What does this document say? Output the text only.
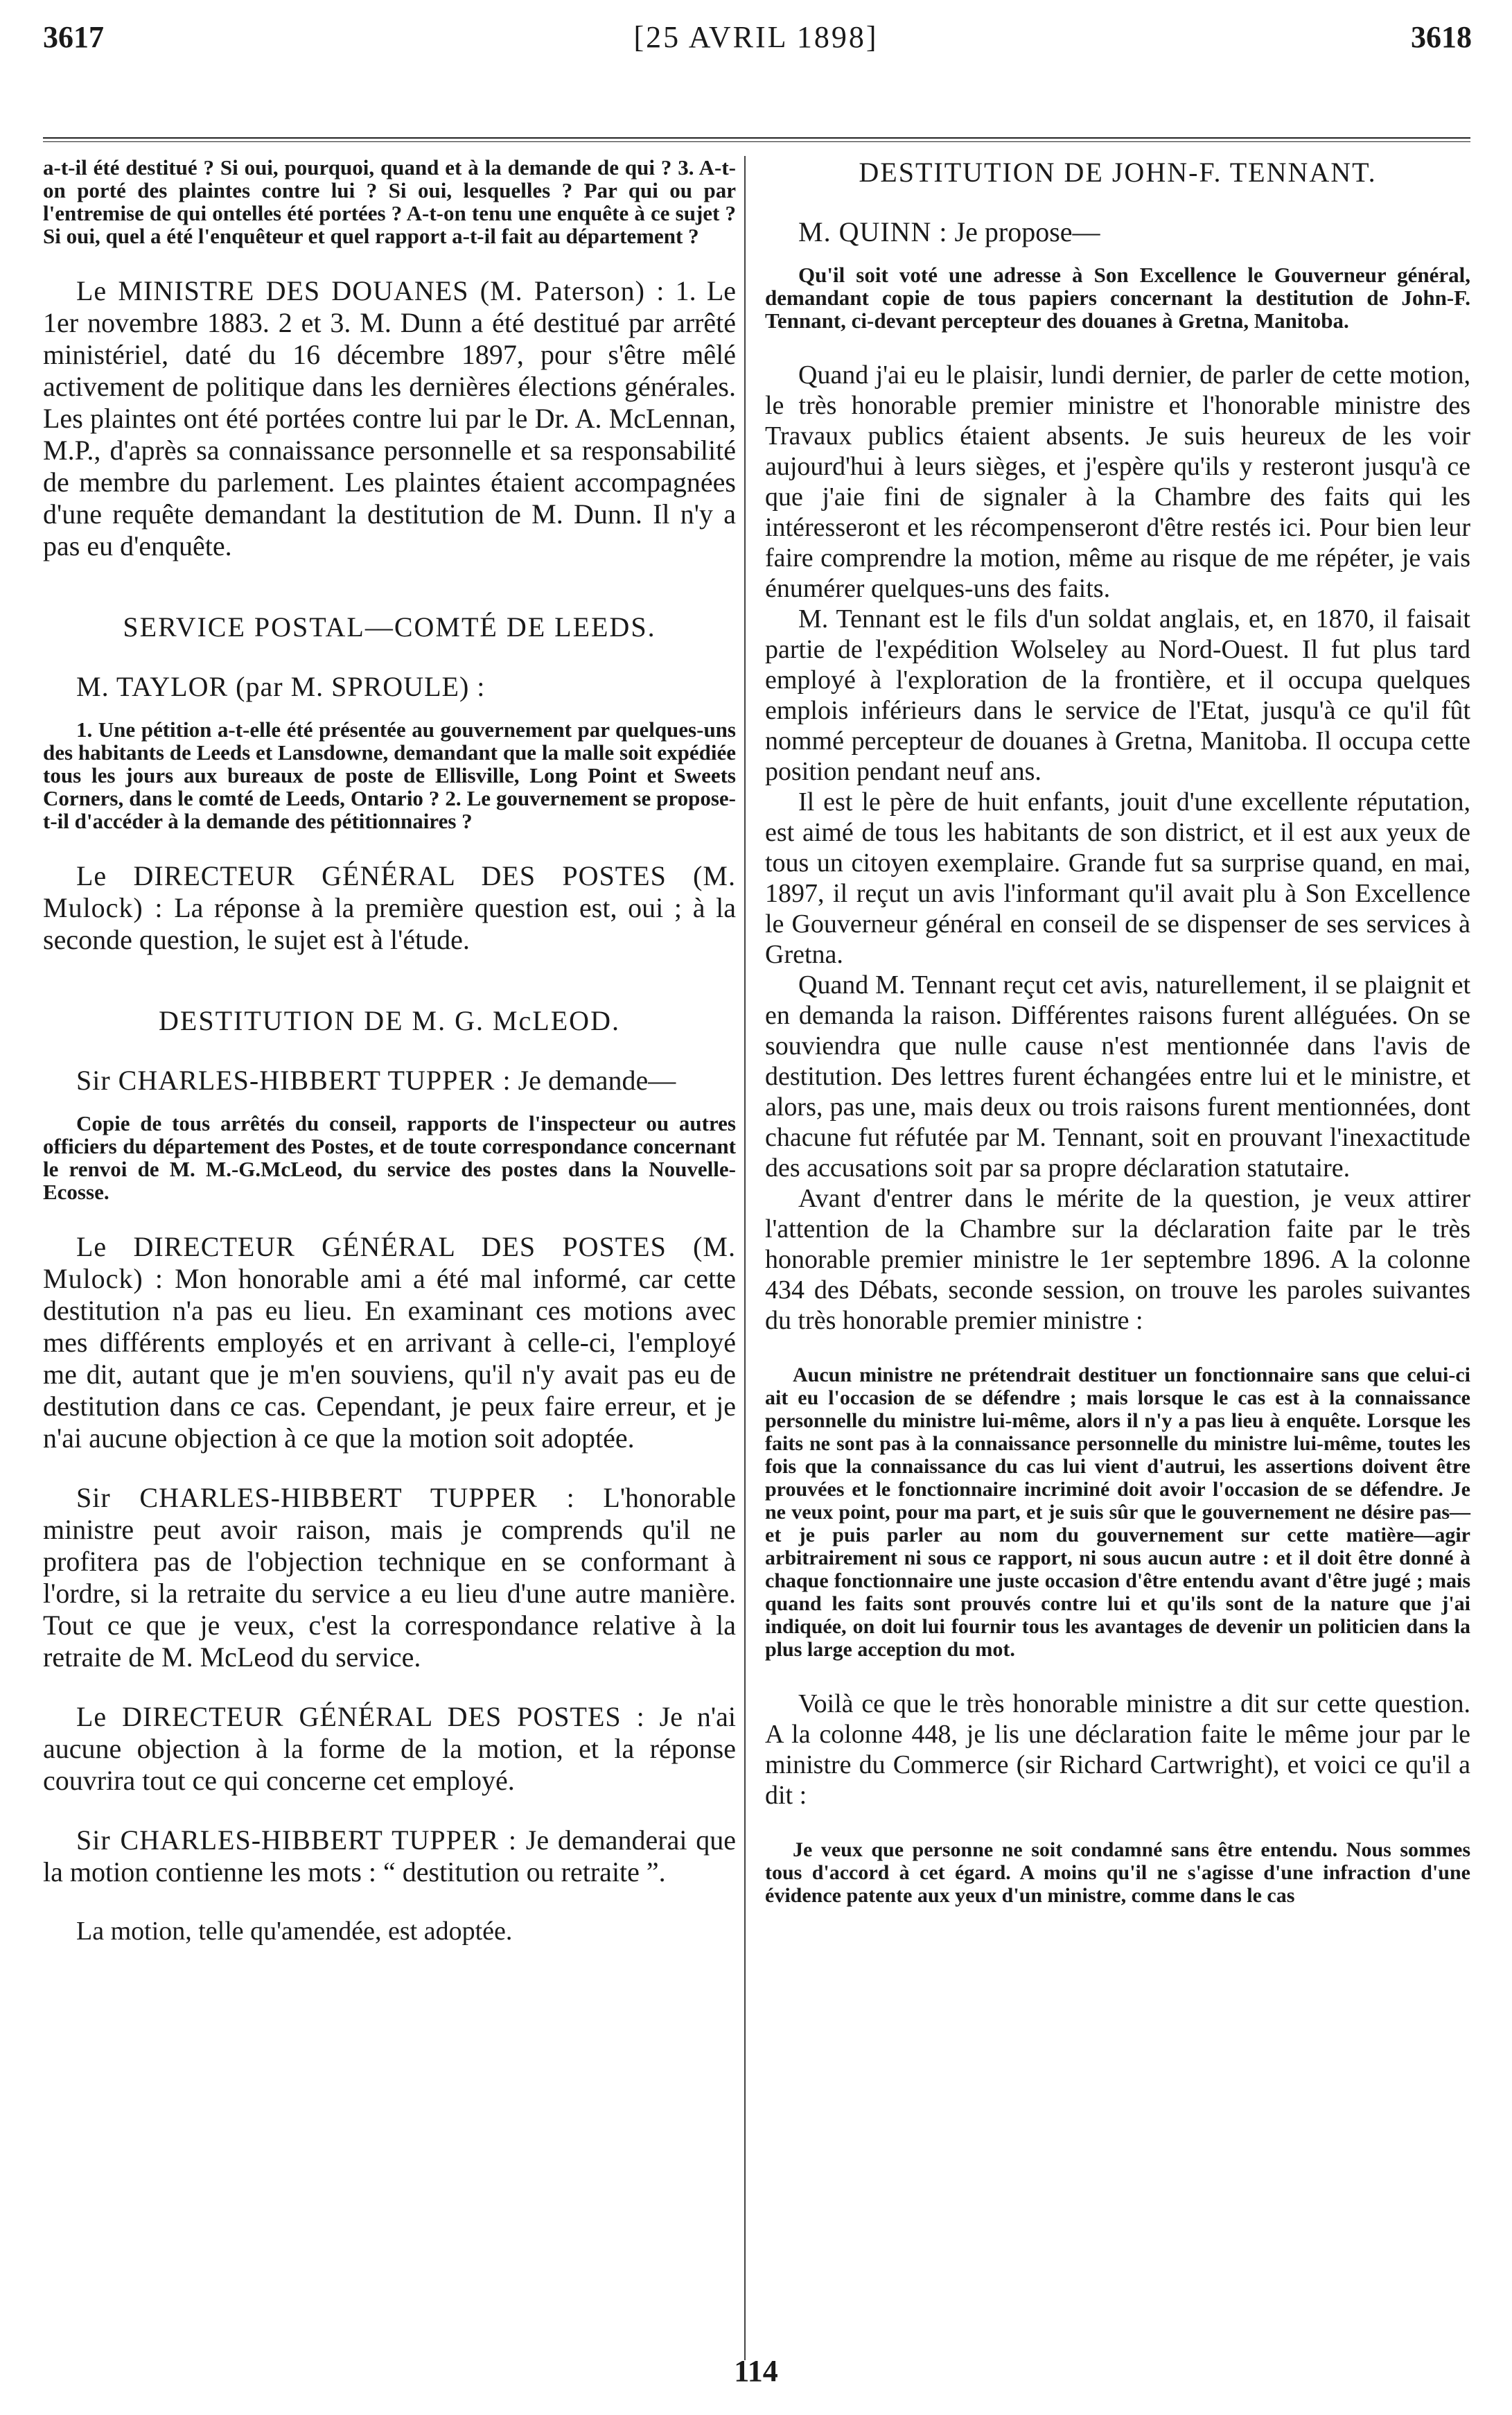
3617	[25 AVRIL 1898]	3618

a-t-il été destitué ? Si oui, pourquoi, quand et à la demande de qui ? 3. A-t-on porté des plaintes contre lui ? Si oui, lesquelles ? Par qui ou par l'entremise de qui ontelles été portées ? A-t-on tenu une enquête à ce sujet ? Si oui, quel a été l'enquêteur et quel rapport a-t-il fait au département ?

Le MINISTRE DES DOUANES (M. Paterson) : 1. Le 1er novembre 1883. 2 et 3. M. Dunn a été destitué par arrêté ministériel, daté du 16 décembre 1897, pour s'être mêlé activement de politique dans les dernières élections générales. Les plaintes ont été portées contre lui par le Dr. A. McLennan, M.P., d'après sa connaissance personnelle et sa responsabilité de membre du parlement. Les plaintes étaient accompagnées d'une requête demandant la destitution de M. Dunn. Il n'y a pas eu d'enquête.

SERVICE POSTAL—COMTÉ DE LEEDS.

M. TAYLOR (par M. SPROULE) :

1. Une pétition a-t-elle été présentée au gouvernement par quelques-uns des habitants de Leeds et Lansdowne, demandant que la malle soit expédiée tous les jours aux bureaux de poste de Ellisville, Long Point et Sweets Corners, dans le comté de Leeds, Ontario ? 2. Le gouvernement se propose-t-il d'accéder à la demande des pétitionnaires ?

Le DIRECTEUR GÉNÉRAL DES POSTES (M. Mulock) : La réponse à la première question est, oui ; à la seconde question, le sujet est à l'étude.

DESTITUTION DE M. G. McLEOD.

Sir CHARLES-HIBBERT TUPPER : Je demande—

Copie de tous arrêtés du conseil, rapports de l'inspecteur ou autres officiers du département des Postes, et de toute correspondance concernant le renvoi de M. M.-G.McLeod, du service des postes dans la Nouvelle-Ecosse.

Le DIRECTEUR GÉNÉRAL DES POSTES (M. Mulock) : Mon honorable ami a été mal informé, car cette destitution n'a pas eu lieu. En examinant ces motions avec mes différents employés et en arrivant à celle-ci, l'employé me dit, autant que je m'en souviens, qu'il n'y avait pas eu de destitution dans ce cas. Cependant, je peux faire erreur, et je n'ai aucune objection à ce que la motion soit adoptée.

Sir CHARLES-HIBBERT TUPPER : L'honorable ministre peut avoir raison, mais je comprends qu'il ne profitera pas de l'objection technique en se conformant à l'ordre, si la retraite du service a eu lieu d'une autre manière. Tout ce que je veux, c'est la correspondance relative à la retraite de M. McLeod du service.

Le DIRECTEUR GÉNÉRAL DES POSTES : Je n'ai aucune objection à la forme de la motion, et la réponse couvrira tout ce qui concerne cet employé.

Sir CHARLES-HIBBERT TUPPER : Je demanderai que la motion contienne les mots : “ destitution ou retraite ”.

La motion, telle qu'amendée, est adoptée.

DESTITUTION DE JOHN-F. TENNANT.

M. QUINN : Je propose—

Qu'il soit voté une adresse à Son Excellence le Gouverneur général, demandant copie de tous papiers concernant la destitution de John-F. Tennant, ci-devant percepteur des douanes à Gretna, Manitoba.

Quand j'ai eu le plaisir, lundi dernier, de parler de cette motion, le très honorable premier ministre et l'honorable ministre des Travaux publics étaient absents. Je suis heureux de les voir aujourd'hui à leurs sièges, et j'espère qu'ils y resteront jusqu'à ce que j'aie fini de signaler à la Chambre des faits qui les intéresseront et les récompenseront d'être restés ici. Pour bien leur faire comprendre la motion, même au risque de me répéter, je vais énumérer quelques-uns des faits.

M. Tennant est le fils d'un soldat anglais, et, en 1870, il faisait partie de l'expédition Wolseley au Nord-Ouest. Il fut plus tard employé à l'exploration de la frontière, et il occupa quelques emplois inférieurs dans le service de l'Etat, jusqu'à ce qu'il fût nommé percepteur de douanes à Gretna, Manitoba. Il occupa cette position pendant neuf ans.

Il est le père de huit enfants, jouit d'une excellente réputation, est aimé de tous les habitants de son district, et il est aux yeux de tous un citoyen exemplaire. Grande fut sa surprise quand, en mai, 1897, il reçut un avis l'informant qu'il avait plu à Son Excellence le Gouverneur général en conseil de se dispenser de ses services à Gretna.

Quand M. Tennant reçut cet avis, naturellement, il se plaignit et en demanda la raison. Différentes raisons furent alléguées. On se souviendra que nulle cause n'est mentionnée dans l'avis de destitution. Des lettres furent échangées entre lui et le ministre, et alors, pas une, mais deux ou trois raisons furent mentionnées, dont chacune fut réfutée par M. Tennant, soit en prouvant l'inexactitude des accusations soit par sa propre déclaration statutaire.

Avant d'entrer dans le mérite de la question, je veux attirer l'attention de la Chambre sur la déclaration faite par le très honorable premier ministre le 1er septembre 1896. A la colonne 434 des Débats, seconde session, on trouve les paroles suivantes du très honorable premier ministre :

Aucun ministre ne prétendrait destituer un fonctionnaire sans que celui-ci ait eu l'occasion de se défendre ; mais lorsque le cas est à la connaissance personnelle du ministre lui-même, alors il n'y a pas lieu à enquête. Lorsque les faits ne sont pas à la connaissance personnelle du ministre lui-même, toutes les fois que la connaissance du cas lui vient d'autrui, les assertions doivent être prouvées et le fonctionnaire incriminé doit avoir l'occasion de se défendre. Je ne veux point, pour ma part, et je suis sûr que le gouvernement ne désire pas—et je puis parler au nom du gouvernement sur cette matière—agir arbitrairement ni sous ce rapport, ni sous aucun autre : et il doit être donné à chaque fonctionnaire une juste occasion d'être entendu avant d'être jugé ; mais quand les faits sont prouvés contre lui et qu'ils sont de la nature que j'ai indiquée, on doit lui fournir tous les avantages de devenir un politicien dans la plus large acception du mot.

Voilà ce que le très honorable ministre a dit sur cette question. A la colonne 448, je lis une déclaration faite le même jour par le ministre du Commerce (sir Richard Cartwright), et voici ce qu'il a dit :

Je veux que personne ne soit condamné sans être entendu. Nous sommes tous d'accord à cet égard. A moins qu'il ne s'agisse d'une infraction d'une évidence patente aux yeux d'un ministre, comme dans le cas

114
